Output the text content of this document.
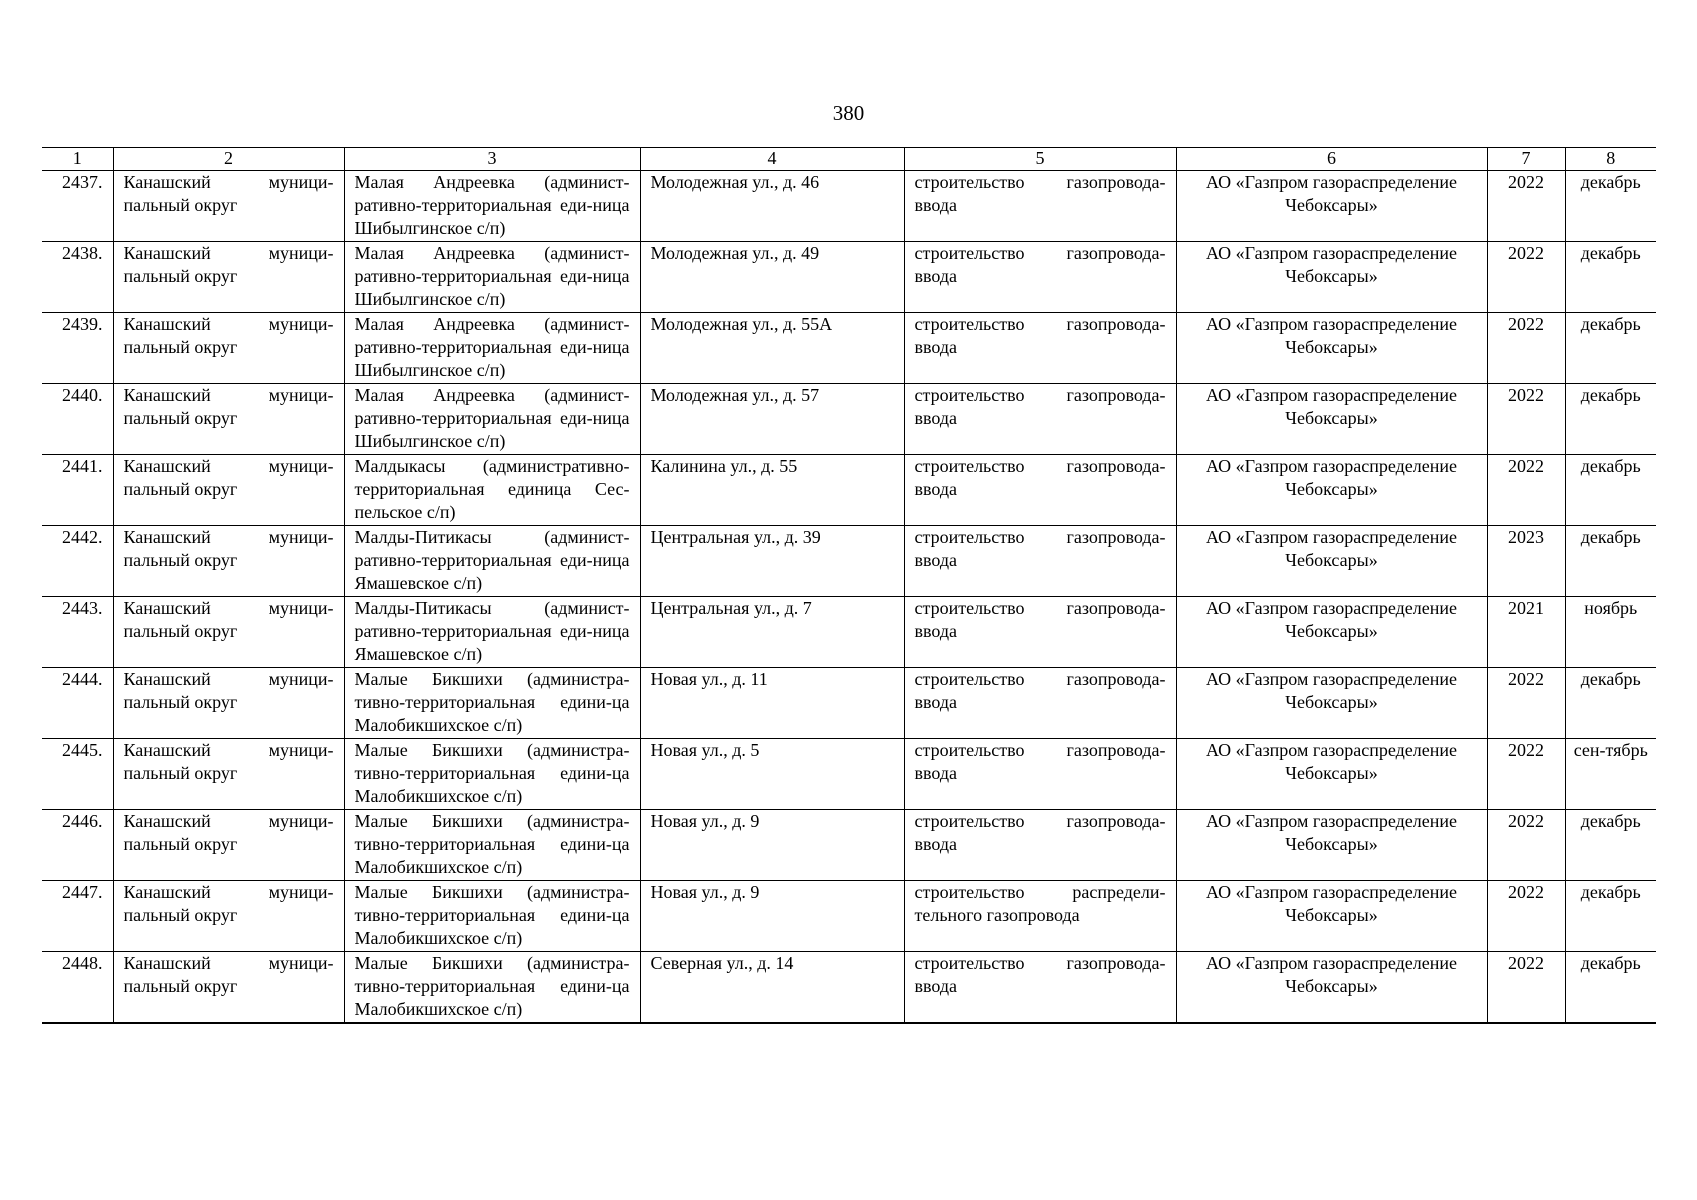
380
1	2	3	4	5	6	7	8
2437.	Канашский муници-пальный округ	Малая Андреевка (админист-ративно-территориальная еди-ница Шибылгинское с/п)	Молодежная ул., д. 46	строительство газопровода-ввода	АО «Газпром газораспределение Чебоксары»	2022	декабрь
2438.	Канашский муници-пальный округ	Малая Андреевка (админист-ративно-территориальная еди-ница Шибылгинское с/п)	Молодежная ул., д. 49	строительство газопровода-ввода	АО «Газпром газораспределение Чебоксары»	2022	декабрь
2439.	Канашский муници-пальный округ	Малая Андреевка (админист-ративно-территориальная еди-ница Шибылгинское с/п)	Молодежная ул., д. 55А	строительство газопровода-ввода	АО «Газпром газораспределение Чебоксары»	2022	декабрь
2440.	Канашский муници-пальный округ	Малая Андреевка (админист-ративно-территориальная еди-ница Шибылгинское с/п)	Молодежная ул., д. 57	строительство газопровода-ввода	АО «Газпром газораспределение Чебоксары»	2022	декабрь
2441.	Канашский муници-пальный округ	Малдыкасы (административно-территориальная единица Сес-пельское с/п)	Калинина ул., д. 55	строительство газопровода-ввода	АО «Газпром газораспределение Чебоксары»	2022	декабрь
2442.	Канашский муници-пальный округ	Малды-Питикасы (админист-ративно-территориальная еди-ница Ямашевское с/п)	Центральная ул., д. 39	строительство газопровода-ввода	АО «Газпром газораспределение Чебоксары»	2023	декабрь
2443.	Канашский муници-пальный округ	Малды-Питикасы (админист-ративно-территориальная еди-ница Ямашевское с/п)	Центральная ул., д. 7	строительство газопровода-ввода	АО «Газпром газораспределение Чебоксары»	2021	ноябрь
2444.	Канашский муници-пальный округ	Малые Бикшихи (администра-тивно-территориальная едини-ца Малобикшихское с/п)	Новая ул., д. 11	строительство газопровода-ввода	АО «Газпром газораспределение Чебоксары»	2022	декабрь
2445.	Канашский муници-пальный округ	Малые Бикшихи (администра-тивно-территориальная едини-ца Малобикшихское с/п)	Новая ул., д. 5	строительство газопровода-ввода	АО «Газпром газораспределение Чебоксары»	2022	сен-тябрь
2446.	Канашский муници-пальный округ	Малые Бикшихи (администра-тивно-территориальная едини-ца Малобикшихское с/п)	Новая ул., д. 9	строительство газопровода-ввода	АО «Газпром газораспределение Чебоксары»	2022	декабрь
2447.	Канашский муници-пальный округ	Малые Бикшихи (администра-тивно-территориальная едини-ца Малобикшихское с/п)	Новая ул., д. 9	строительство распредели-тельного газопровода	АО «Газпром газораспределение Чебоксары»	2022	декабрь
2448.	Канашский муници-пальный округ	Малые Бикшихи (администра-тивно-территориальная едини-ца Малобикшихское с/п)	Северная ул., д. 14	строительство газопровода-ввода	АО «Газпром газораспределение Чебоксары»	2022	декабрь
